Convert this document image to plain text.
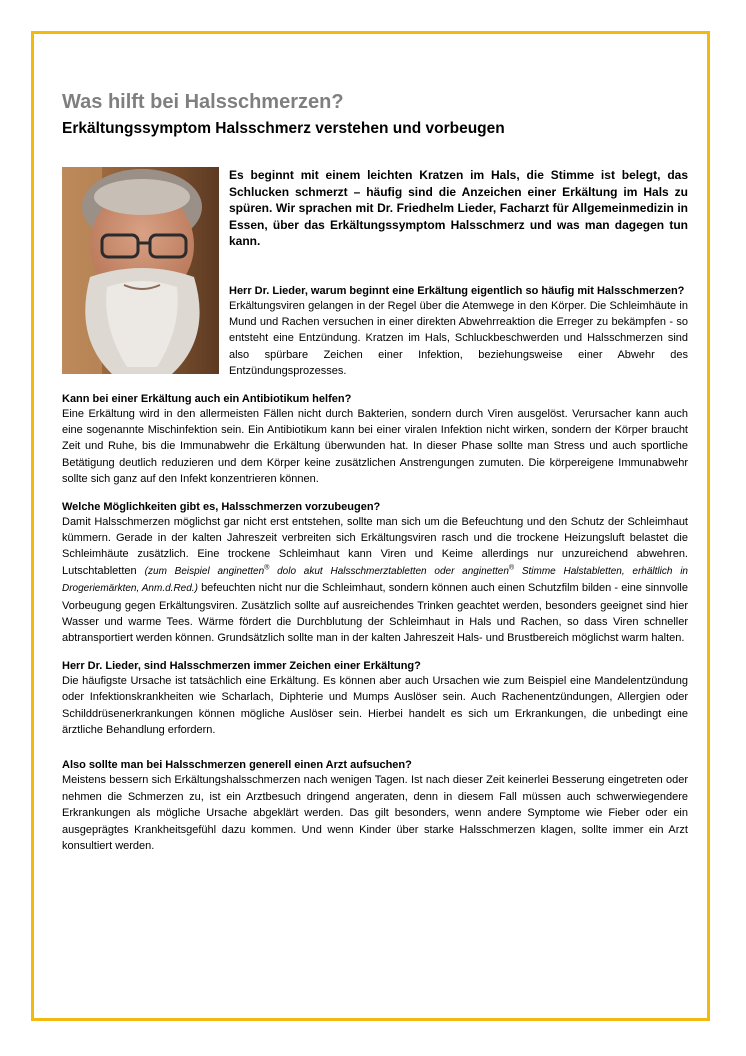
Was hilft bei Halsschmerzen?
Erkältungssymptom Halsschmerz verstehen und vorbeugen

Es beginnt mit einem leichten Kratzen im Hals, die Stimme ist belegt, das Schlucken schmerzt – häufig sind die Anzeichen einer Erkältung im Hals zu spüren. Wir sprachen mit Dr. Friedhelm Lieder, Facharzt für Allgemeinmedizin in Essen, über das Erkältungssymptom Halsschmerz und was man dagegen tun kann.

Herr Dr. Lieder, warum beginnt eine Erkältung eigentlich so häufig mit Halsschmerzen?

Erkältungsviren gelangen in der Regel über die Atemwege in den Körper. Die Schleimhäute in Mund und Rachen versuchen in einer direkten Abwehrreaktion die Erreger zu bekämpfen - so entsteht eine Entzündung. Kratzen im Hals, Schluckbeschwerden und Halsschmerzen sind also spürbare Zeichen einer Infektion, beziehungsweise einer Abwehr des Entzündungsprozesses.

Kann bei einer Erkältung auch ein Antibiotikum helfen?

Eine Erkältung wird in den allermeisten Fällen nicht durch Bakterien, sondern durch Viren ausgelöst. Verursacher kann auch eine sogenannte Mischinfektion sein. Ein Antibiotikum kann bei einer viralen Infektion nicht wirken, sondern der Körper braucht Zeit und Ruhe, bis die Immunabwehr die Erkältung überwunden hat. In dieser Phase sollte man Stress und auch sportliche Betätigung deutlich reduzieren und dem Körper keine zusätzlichen Anstrengungen zumuten. Die körpereigene Immunabwehr sollte sich ganz auf den Infekt konzentrieren können.

Welche Möglichkeiten gibt es, Halsschmerzen vorzubeugen?

Damit Halsschmerzen möglichst gar nicht erst entstehen, sollte man sich um die Befeuchtung und den Schutz der Schleimhaut kümmern. Gerade in der kalten Jahreszeit verbreiten sich Erkältungsviren rasch und die trockene Heizungsluft belastet die Schleimhäute zusätzlich. Eine trockene Schleimhaut kann Viren und Keime allerdings nur unzureichend abwehren. Lutschtabletten (zum Beispiel anginetten® dolo akut Halsschmerztabletten oder anginetten® Stimme Halstabletten, erhältlich in Drogeriemärkten, Anm.d.Red.) befeuchten nicht nur die Schleimhaut, sondern können auch einen Schutzfilm bilden - eine sinnvolle Vorbeugung gegen Erkältungsviren. Zusätzlich sollte auf ausreichendes Trinken geachtet werden, besonders geeignet sind hier Wasser und warme Tees. Wärme fördert die Durchblutung der Schleimhaut in Hals und Rachen, so dass Viren schneller abtransportiert werden können. Grundsätzlich sollte man in der kalten Jahreszeit Hals- und Brustbereich möglichst warm halten.

Herr Dr. Lieder, sind Halsschmerzen immer Zeichen einer Erkältung?

Die häufigste Ursache ist tatsächlich eine Erkältung. Es können aber auch Ursachen wie zum Beispiel eine Mandelentzündung oder Infektionskrankheiten wie Scharlach, Diphterie und Mumps Auslöser sein. Auch Rachenentzündungen, Allergien oder Schilddrüsenerkrankungen können mögliche Auslöser sein. Hierbei handelt es sich um Erkrankungen, die unbedingt eine ärztliche Behandlung erfordern.

Also sollte man bei Halsschmerzen generell einen Arzt aufsuchen?

Meistens bessern sich Erkältungshalsschmerzen nach wenigen Tagen. Ist nach dieser Zeit keinerlei Besserung eingetreten oder nehmen die Schmerzen zu, ist ein Arztbesuch dringend angeraten, denn in diesem Fall müssen auch schwerwiegendere Erkrankungen als mögliche Ursache abgeklärt werden. Das gilt besonders, wenn andere Symptome wie Fieber oder ein ausgeprägtes Krankheitsgefühl dazu kommen. Und wenn Kinder über starke Halsschmerzen klagen, sollte immer ein Arzt konsultiert werden.
